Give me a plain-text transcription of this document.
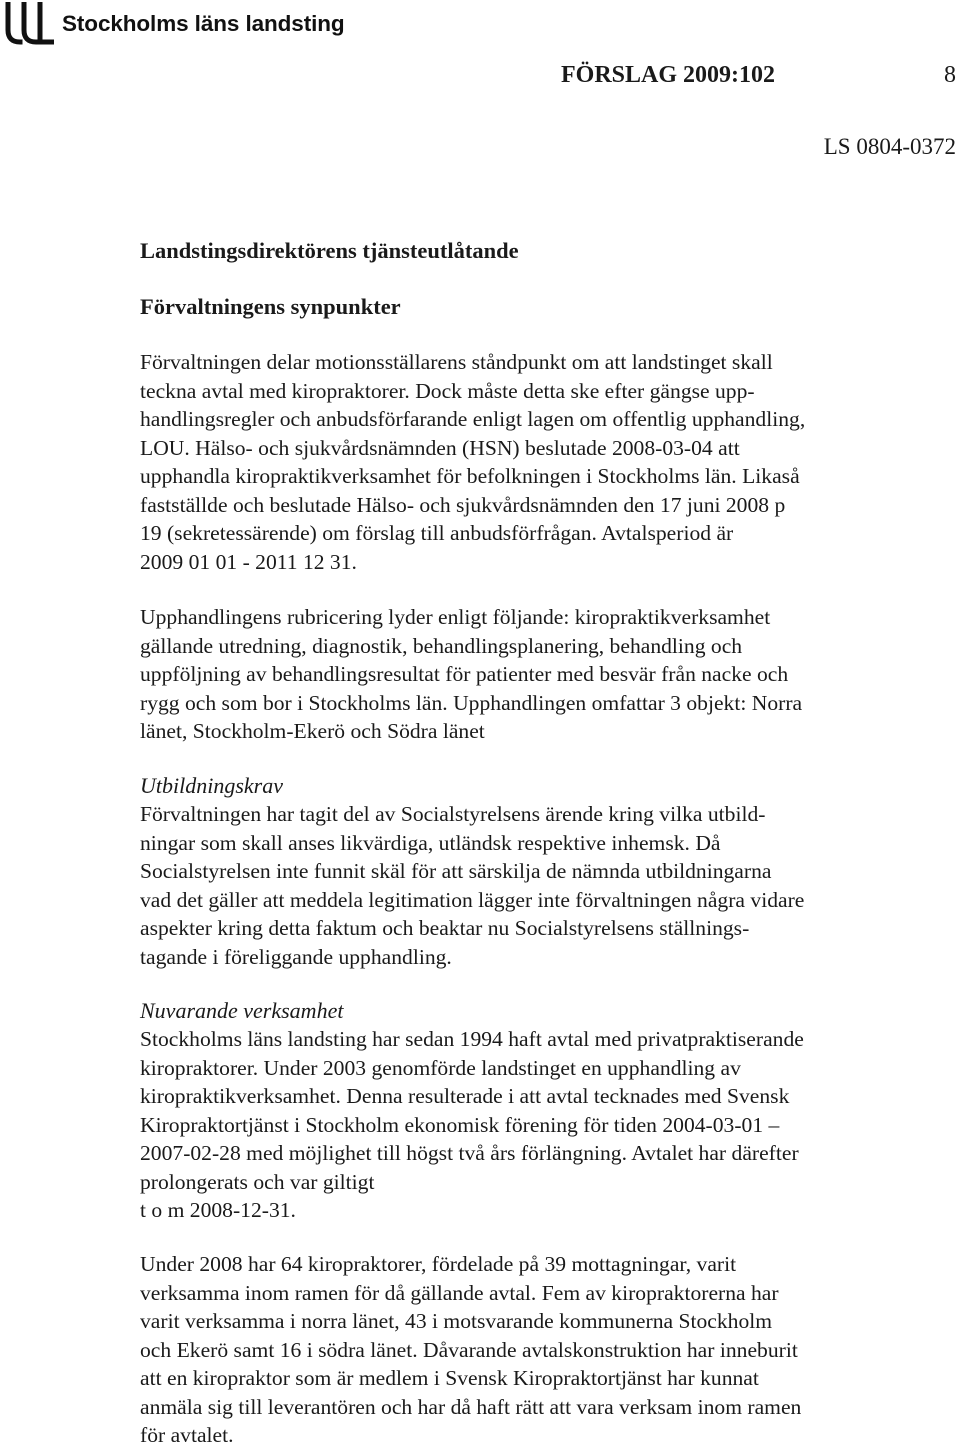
Stockholms läns landsting
FÖRSLAG 2009:102	8
LS 0804-0372
Landstingsdirektörens tjänsteutlåtande
Förvaltningens synpunkter
Förvaltningen delar motionsställarens ståndpunkt om att landstinget skall
teckna avtal med kiropraktorer. Dock måste detta ske efter gängse upp-
handlingsregler och anbudsförfarande enligt lagen om offentlig upphandling,
LOU. Hälso- och sjukvårdsnämnden (HSN) beslutade 2008-03-04 att
upphandla kiropraktikverksamhet för befolkningen i Stockholms län. Likaså
fastställde och beslutade Hälso- och sjukvårdsnämnden den 17 juni 2008 p
19 (sekretessärende) om förslag till anbudsförfrågan. Avtalsperiod är
2009 01 01 - 2011 12 31.
Upphandlingens rubricering lyder enligt följande: kiropraktikverksamhet
gällande utredning, diagnostik, behandlingsplanering, behandling och
uppföljning av behandlingsresultat för patienter med besvär från nacke och
rygg och som bor i Stockholms län. Upphandlingen omfattar 3 objekt: Norra
länet, Stockholm-Ekerö och Södra länet
Utbildningskrav
Förvaltningen har tagit del av Socialstyrelsens ärende kring vilka utbild-
ningar som skall anses likvärdiga, utländsk respektive inhemsk. Då
Socialstyrelsen inte funnit skäl för att särskilja de nämnda utbildningarna
vad det gäller att meddela legitimation lägger inte förvaltningen några vidare
aspekter kring detta faktum och beaktar nu Socialstyrelsens ställnings-
tagande i föreliggande upphandling.
Nuvarande verksamhet
Stockholms läns landsting har sedan 1994 haft avtal med privatpraktiserande
kiropraktorer. Under 2003 genomförde landstinget en upphandling av
kiropraktikverksamhet. Denna resulterade i att avtal tecknades med Svensk
Kiropraktortjänst i Stockholm ekonomisk förening för tiden 2004-03-01 –
2007-02-28 med möjlighet till högst två års förlängning. Avtalet har därefter
prolongerats och var giltigt
t o m 2008-12-31.
Under 2008 har 64 kiropraktorer, fördelade på 39 mottagningar, varit
verksamma inom ramen för då gällande avtal. Fem av kiropraktorerna har
varit verksamma i norra länet, 43 i motsvarande kommunerna Stockholm
och Ekerö samt 16 i södra länet. Dåvarande avtalskonstruktion har inneburit
att en kiropraktor som är medlem i Svensk Kiropraktortjänst har kunnat
anmäla sig till leverantören och har då haft rätt att vara verksam inom ramen
för avtalet.
